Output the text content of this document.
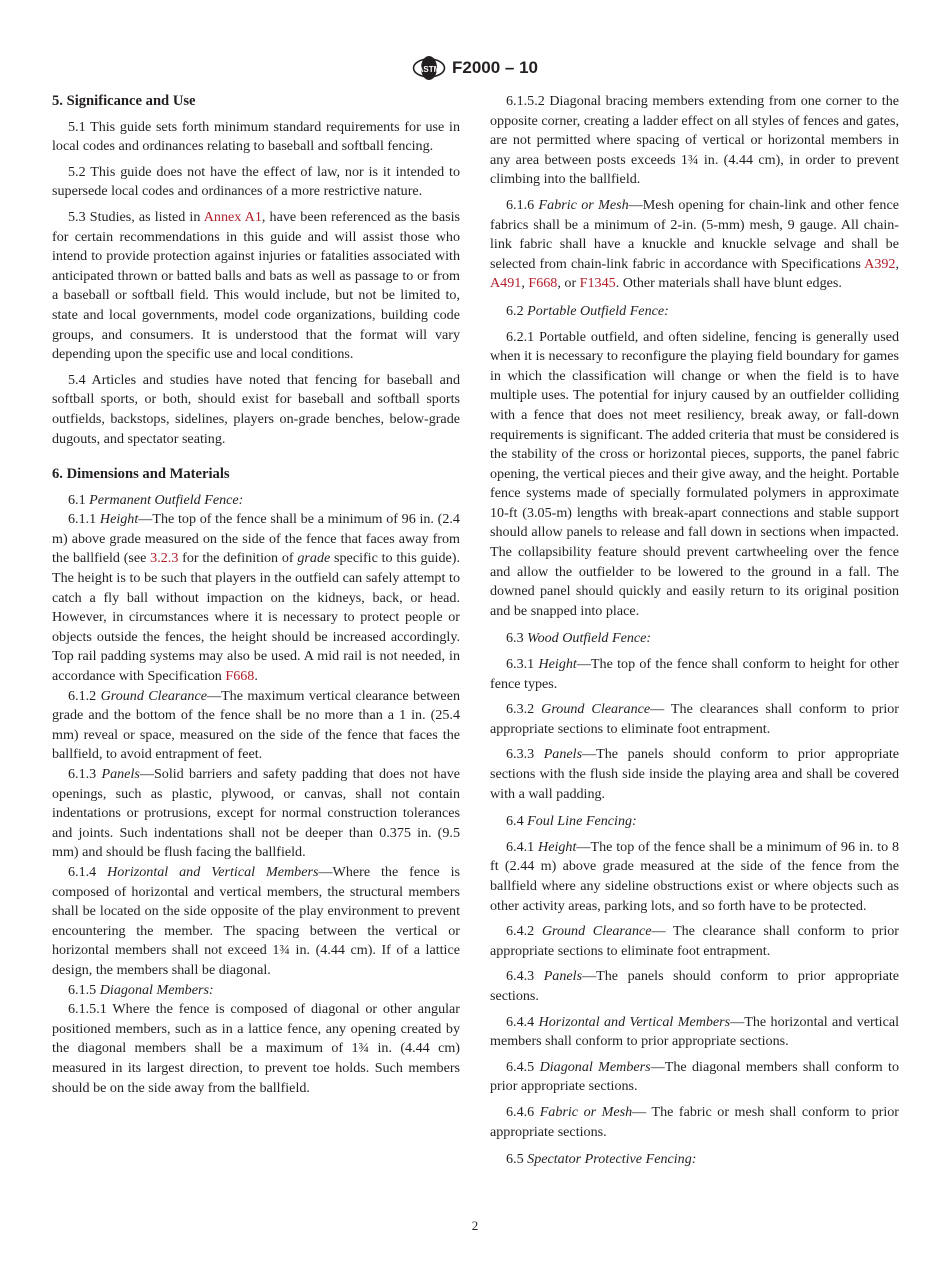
ASTM F2000 – 10
5. Significance and Use

5.1 This guide sets forth minimum standard requirements for use in local codes and ordinances relating to baseball and softball fencing.

5.2 This guide does not have the effect of law, nor is it intended to supersede local codes and ordinances of a more restrictive nature.

5.3 Studies, as listed in Annex A1, have been referenced as the basis for certain recommendations in this guide and will assist those who intend to provide protection against injuries or fatalities associated with anticipated thrown or batted balls and bats as well as passage to or from a baseball or softball field. This would include, but not be limited to, state and local governments, model code organizations, building code groups, and consumers. It is understood that the format will vary depending upon the specific use and local conditions.

5.4 Articles and studies have noted that fencing for baseball and softball sports, or both, should exist for baseball and softball sports outfields, backstops, sidelines, players on-grade benches, below-grade dugouts, and spectator seating.

6. Dimensions and Materials

6.1 Permanent Outfield Fence:

6.1.1 Height—The top of the fence shall be a minimum of 96 in. (2.4 m) above grade measured on the side of the fence that faces away from the ballfield (see 3.2.3 for the definition of grade specific to this guide). The height is to be such that players in the outfield can safely attempt to catch a fly ball without impaction on the kidneys, back, or head. However, in circumstances where it is necessary to protect people or objects outside the fences, the height should be increased accordingly. Top rail padding systems may also be used. A mid rail is not needed, in accordance with Specification F668.

6.1.2 Ground Clearance—The maximum vertical clearance between grade and the bottom of the fence shall be no more than a 1 in. (25.4 mm) reveal or space, measured on the side of the fence that faces the ballfield, to avoid entrapment of feet.

6.1.3 Panels—Solid barriers and safety padding that does not have openings, such as plastic, plywood, or canvas, shall not contain indentations or protrusions, except for normal construction tolerances and joints. Such indentations shall not be deeper than 0.375 in. (9.5 mm) and should be flush facing the ballfield.

6.1.4 Horizontal and Vertical Members—Where the fence is composed of horizontal and vertical members, the structural members shall be located on the side opposite of the play environment to prevent encountering the member. The spacing between the vertical or horizontal members shall not exceed 1¾ in. (4.44 cm). If of a lattice design, the members shall be diagonal.

6.1.5 Diagonal Members:

6.1.5.1 Where the fence is composed of diagonal or other angular positioned members, such as in a lattice fence, any opening created by the diagonal members shall be a maximum of 1¾ in. (4.44 cm) measured in its largest direction, to prevent toe holds. Such members should be on the side away from the ballfield.

6.1.5.2 Diagonal bracing members extending from one corner to the opposite corner, creating a ladder effect on all styles of fences and gates, are not permitted where spacing of vertical or horizontal members in any area between posts exceeds 1¾ in. (4.44 cm), in order to prevent climbing into the ballfield.

6.1.6 Fabric or Mesh—Mesh opening for chain-link and other fence fabrics shall be a minimum of 2-in. (5-mm) mesh, 9 gauge. All chain-link fabric shall have a knuckle and knuckle selvage and shall be selected from chain-link fabric in accordance with Specifications A392, A491, F668, or F1345. Other materials shall have blunt edges.

6.2 Portable Outfield Fence:

6.2.1 Portable outfield, and often sideline, fencing is generally used when it is necessary to reconfigure the playing field boundary for games in which the classification will change or when the field is to have multiple uses. The potential for injury caused by an outfielder colliding with a fence that does not meet resiliency, break away, or fall-down requirements is significant. The added criteria that must be considered is the stability of the cross or horizontal pieces, supports, the panel fabric opening, the vertical pieces and their give away, and the height. Portable fence systems made of specially formulated polymers in approximate 10-ft (3.05-m) lengths with break-apart connections and stable support should allow panels to release and fall down in sections when impacted. The collapsibility feature should prevent cartwheeling over the fence and allow the outfielder to be lowered to the ground in a fall. The downed panel should quickly and easily return to its original position and be snapped into place.

6.3 Wood Outfield Fence:

6.3.1 Height—The top of the fence shall conform to height for other fence types.

6.3.2 Ground Clearance— The clearances shall conform to prior appropriate sections to eliminate foot entrapment.

6.3.3 Panels—The panels should conform to prior appropriate sections with the flush side inside the playing area and shall be covered with a wall padding.

6.4 Foul Line Fencing:

6.4.1 Height—The top of the fence shall be a minimum of 96 in. to 8 ft (2.44 m) above grade measured at the side of the fence from the ballfield where any sideline obstructions exist or where objects such as other activity areas, parking lots, and so forth have to be protected.

6.4.2 Ground Clearance— The clearance shall conform to prior appropriate sections to eliminate foot entrapment.

6.4.3 Panels—The panels should conform to prior appropriate sections.

6.4.4 Horizontal and Vertical Members—The horizontal and vertical members shall conform to prior appropriate sections.

6.4.5 Diagonal Members—The diagonal members shall conform to prior appropriate sections.

6.4.6 Fabric or Mesh— The fabric or mesh shall conform to prior appropriate sections.

6.5 Spectator Protective Fencing:

2
